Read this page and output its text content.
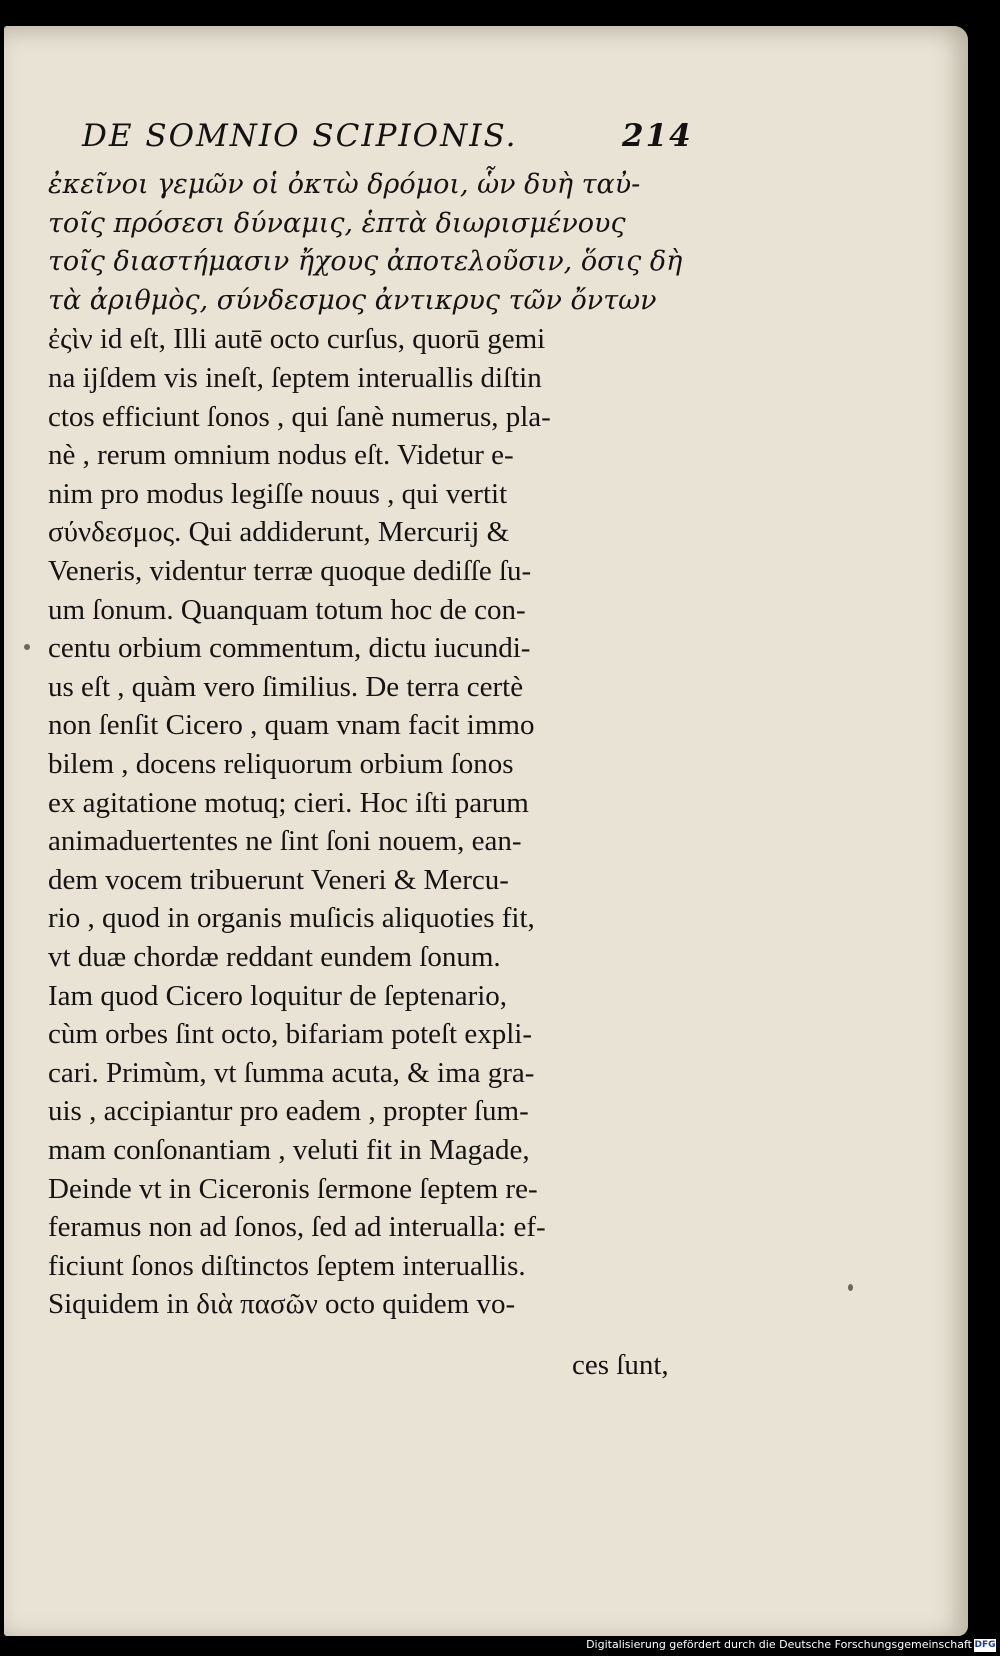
DE SOMNIO SCIPIONIS.	214
ἐκεῖνοι γεμῶν οἱ ὀκτὼ δρόμοι, ὧν δυὴ ταὐ-
τοῖς πρόσεσι δύναμις, ἑπτὰ διωρισμένους
τοῖς διαστήμασιν ἤχους ἀποτελοῦσιν, ὅσις δὴ
τὰ ἀριθμὸς, σύνδεσμος ἀντικρυς τῶν ὄντων
ἐςὶν id eſt, Illi autē octo curſus, quorū gemi
na ijſdem vis ineſt, ſeptem interuallis diſtin
ctos efficiunt ſonos , qui ſanè numerus, pla-
nè , rerum omnium nodus eſt. Videtur e-
nim pro modus legiſſe nouus , qui vertit
σύνδεσμος. Qui addiderunt, Mercurij &
Veneris, videntur terræ quoque dediſſe ſu-
um ſonum. Quanquam totum hoc de con-
centu orbium commentum, dictu iucundi-
us eſt , quàm vero ſimilius. De terra certè
non ſenſit Cicero , quam vnam facit immo
bilem , docens reliquorum orbium ſonos
ex agitatione motuq; cieri. Hoc iſti parum
animaduertentes ne ſint ſoni nouem, ean-
dem vocem tribuerunt Veneri & Mercu-
rio , quod in organis muſicis aliquoties fit,
vt duæ chordæ reddant eundem ſonum.
Iam quod Cicero loquitur de ſeptenario,
cùm orbes ſint octo, bifariam poteſt expli-
cari. Primùm, vt ſumma acuta, & ima gra-
uis , accipiantur pro eadem , propter ſum-
mam conſonantiam , veluti fit in Magade,
Deinde vt in Ciceronis ſermone ſeptem re-
feramus non ad ſonos, ſed ad interualla: ef-
ficiunt ſonos diſtinctos ſeptem interuallis.
Siquidem in διὰ πασῶν octo quidem vo-
ces ſunt,
Digitalisierung gefördert durch die Deutsche Forschungsgemeinschaft DFG
